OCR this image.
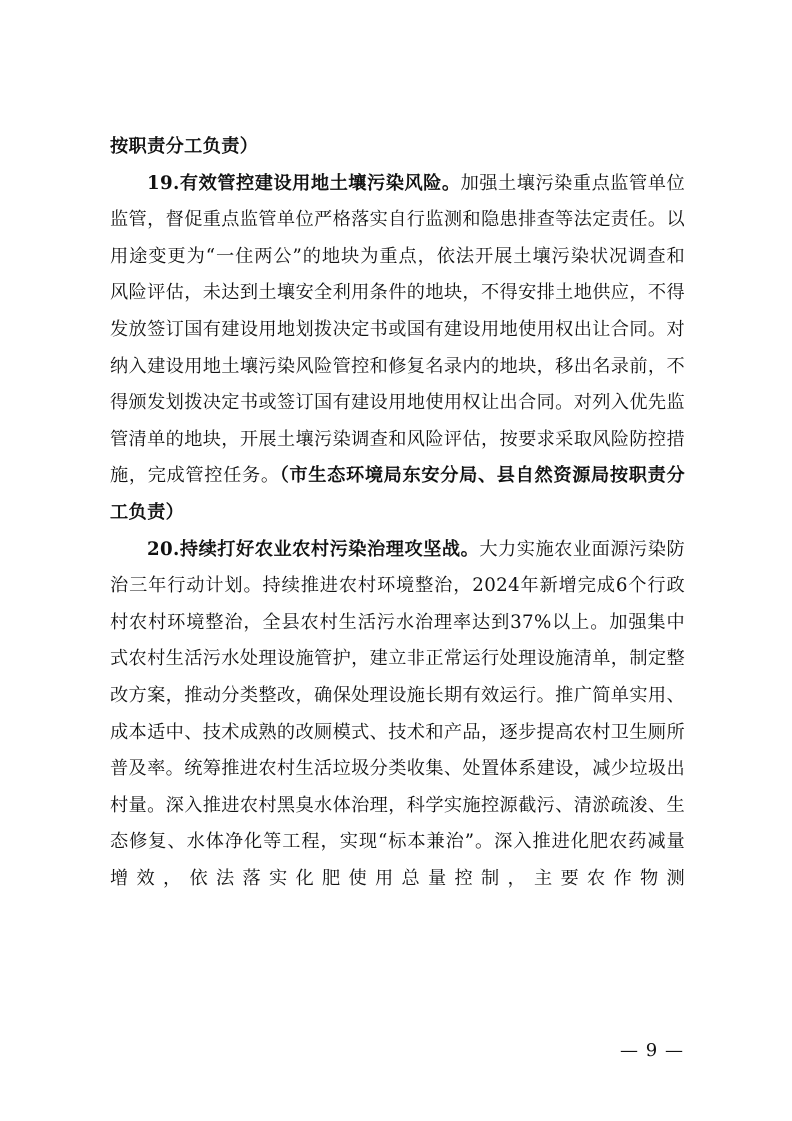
按职责分工负责）

19.有效管控建设用地土壤污染风险。加强土壤污染重点监管单位监管，督促重点监管单位严格落实自行监测和隐患排查等法定责任。以用途变更为“一住两公”的地块为重点，依法开展土壤污染状况调查和风险评估，未达到土壤安全利用条件的地块，不得安排土地供应，不得发放签订国有建设用地划拨决定书或国有建设用地使用权出让合同。对纳入建设用地土壤污染风险管控和修复名录内的地块，移出名录前，不得颁发划拨决定书或签订国有建设用地使用权让出合同。对列入优先监管清单的地块，开展土壤污染调查和风险评估，按要求采取风险防控措施，完成管控任务。（市生态环境局东安分局、县自然资源局按职责分工负责）

20.持续打好农业农村污染治理攻坚战。大力实施农业面源污染防治三年行动计划。持续推进农村环境整治，2024年新增完成6个行政村农村环境整治，全县农村生活污水治理率达到37%以上。加强集中式农村生活污水处理设施管护，建立非正常运行处理设施清单，制定整改方案，推动分类整改，确保处理设施长期有效运行。推广简单实用、成本适中、技术成熟的改厕模式、技术和产品，逐步提高农村卫生厕所普及率。统筹推进农村生活垃圾分类收集、处置体系建设，减少垃圾出村量。深入推进农村黑臭水体治理，科学实施控源截污、清淤疏浚、生态修复、水体净化等工程，实现“标本兼治”。深入推进化肥农药减量增效，依法落实化肥使用总量控制，主要农作物测

— 9 —
